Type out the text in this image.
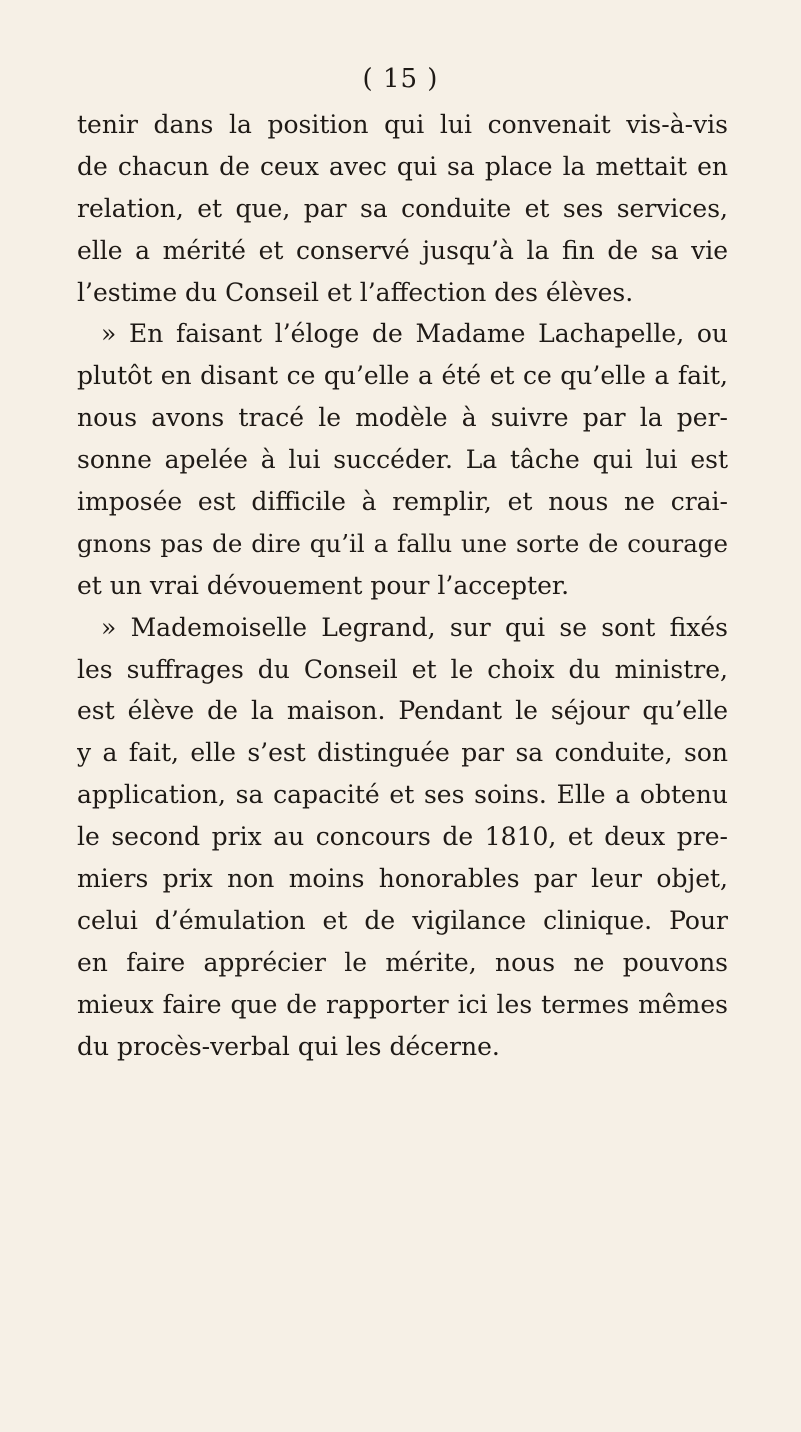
( 15 )
tenir dans la position qui lui convenait vis-à-vis
de chacun de ceux avec qui sa place la mettait en
relation, et que, par sa conduite et ses services,
elle a mérité et conservé jusqu’à la fin de sa vie
l’estime du Conseil et l’affection des élèves.
» En faisant l’éloge de Madame Lachapelle, ou
plutôt en disant ce qu’elle a été et ce qu’elle a fait,
nous avons tracé le modèle à suivre par la per-
sonne apelée à lui succéder. La tâche qui lui est
imposée est difficile à remplir, et nous ne crai-
gnons pas de dire qu’il a fallu une sorte de courage
et un vrai dévouement pour l’accepter.
» Mademoiselle Legrand, sur qui se sont fixés
les suffrages du Conseil et le choix du ministre,
est élève de la maison. Pendant le séjour qu’elle
y a fait, elle s’est distinguée par sa conduite, son
application, sa capacité et ses soins. Elle a obtenu
le second prix au concours de 1810, et deux pre-
miers prix non moins honorables par leur objet,
celui d’émulation et de vigilance clinique. Pour
en faire apprécier le mérite, nous ne pouvons
mieux faire que de rapporter ici les termes mêmes
du procès-verbal qui les décerne.
